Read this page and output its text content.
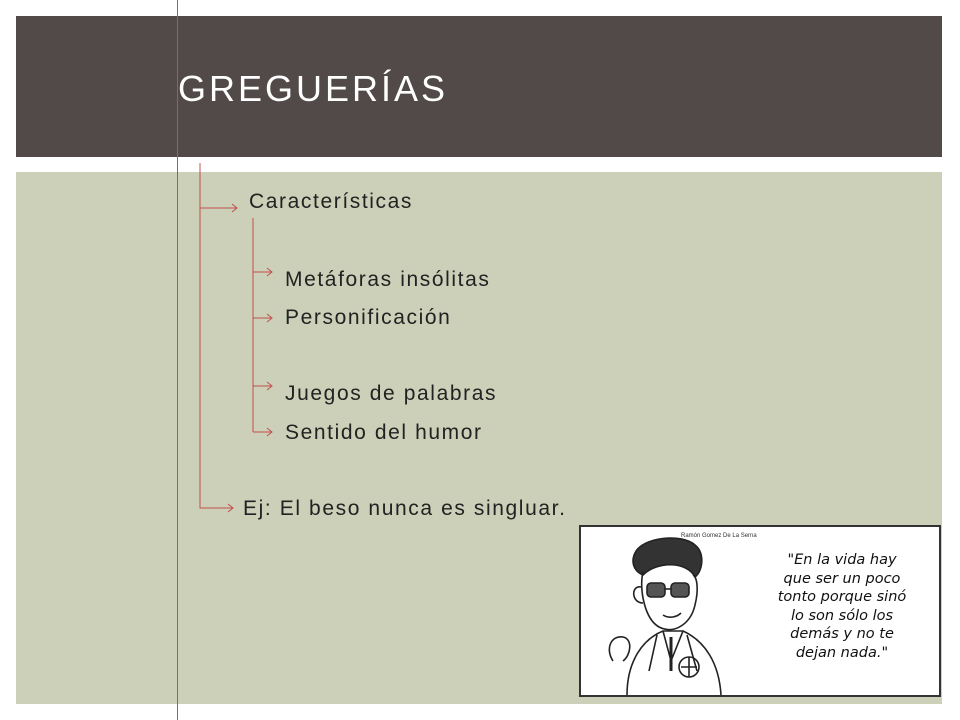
GREGUERÍAS
Características
Metáforas insólitas
Personificación
Juegos de palabras
Sentido del humor
Ej: El beso nunca es singluar.
Ramón Gomez De La Serna
"En la vida hay
que ser un poco
tonto porque sinó
lo son sólo los
demás y no te
dejan nada."
